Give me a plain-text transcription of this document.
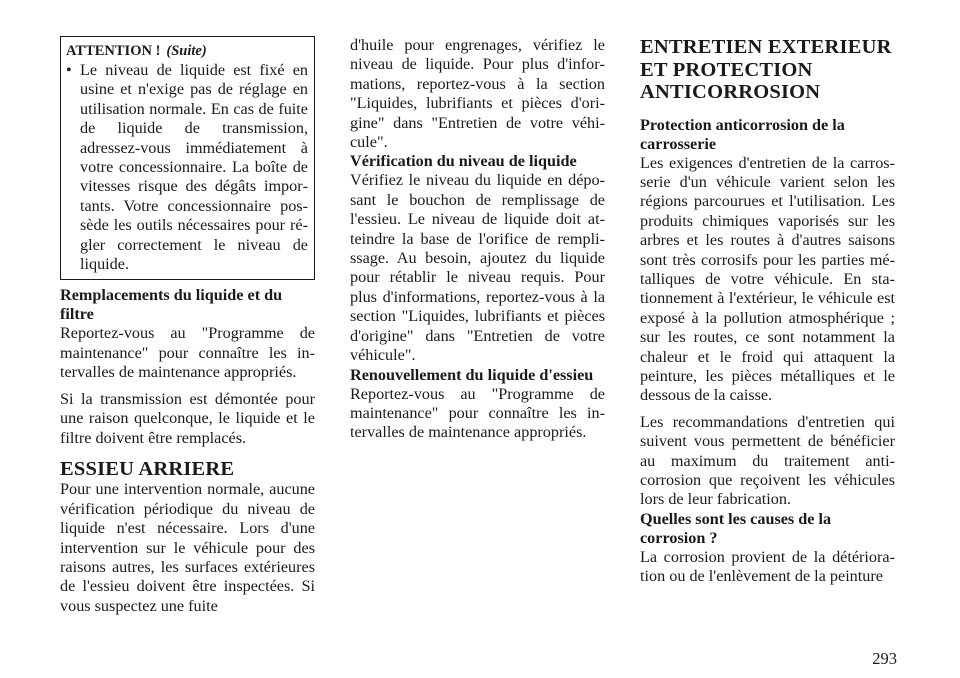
ATTENTION ! (Suite)
• Le niveau de liquide est fixé en usine et n'exige pas de réglage en utilisation normale. En cas de fuite de liquide de transmission, adressez-vous immédiatement à votre concessionnaire. La boîte de vitesses risque des dégâts importants. Votre concessionnaire possède les outils nécessaires pour régler correctement le niveau de liquide.

Remplacements du liquide et du filtre

Reportez-vous au "Programme de maintenance" pour connaître les intervalles de maintenance appropriés.

Si la transmission est démontée pour une raison quelconque, le liquide et le filtre doivent être remplacés.

ESSIEU ARRIERE

Pour une intervention normale, aucune vérification périodique du niveau de liquide n'est nécessaire. Lors d'une intervention sur le véhicule pour des raisons autres, les surfaces extérieures de l'essieu doivent être inspectées. Si vous suspectez une fuite

d'huile pour engrenages, vérifiez le niveau de liquide. Pour plus d'informations, reportez-vous à la section "Liquides, lubrifiants et pièces d'origine" dans "Entretien de votre véhicule".

Vérification du niveau de liquide

Vérifiez le niveau du liquide en déposant le bouchon de remplissage de l'essieu. Le niveau de liquide doit atteindre la base de l'orifice de remplissage. Au besoin, ajoutez du liquide pour rétablir le niveau requis. Pour plus d'informations, reportez-vous à la section "Liquides, lubrifiants et pièces d'origine" dans "Entretien de votre véhicule".

Renouvellement du liquide d'essieu

Reportez-vous au "Programme de maintenance" pour connaître les intervalles de maintenance appropriés.

ENTRETIEN EXTERIEUR ET PROTECTION ANTICORROSION
Protection anticorrosion de la carrosserie

Les exigences d'entretien de la carrosserie d'un véhicule varient selon les régions parcourues et l'utilisation. Les produits chimiques vaporisés sur les arbres et les routes à d'autres saisons sont très corrosifs pour les parties métalliques de votre véhicule. En stationnement à l'extérieur, le véhicule est exposé à la pollution atmosphérique ; sur les routes, ce sont notamment la chaleur et le froid qui attaquent la peinture, les pièces métalliques et le dessous de la caisse.

Les recommandations d'entretien qui suivent vous permettent de bénéficier au maximum du traitement anticorrosion que reçoivent les véhicules lors de leur fabrication.

Quelles sont les causes de la corrosion ?

La corrosion provient de la détérioration ou de l'enlèvement de la peinture

293
